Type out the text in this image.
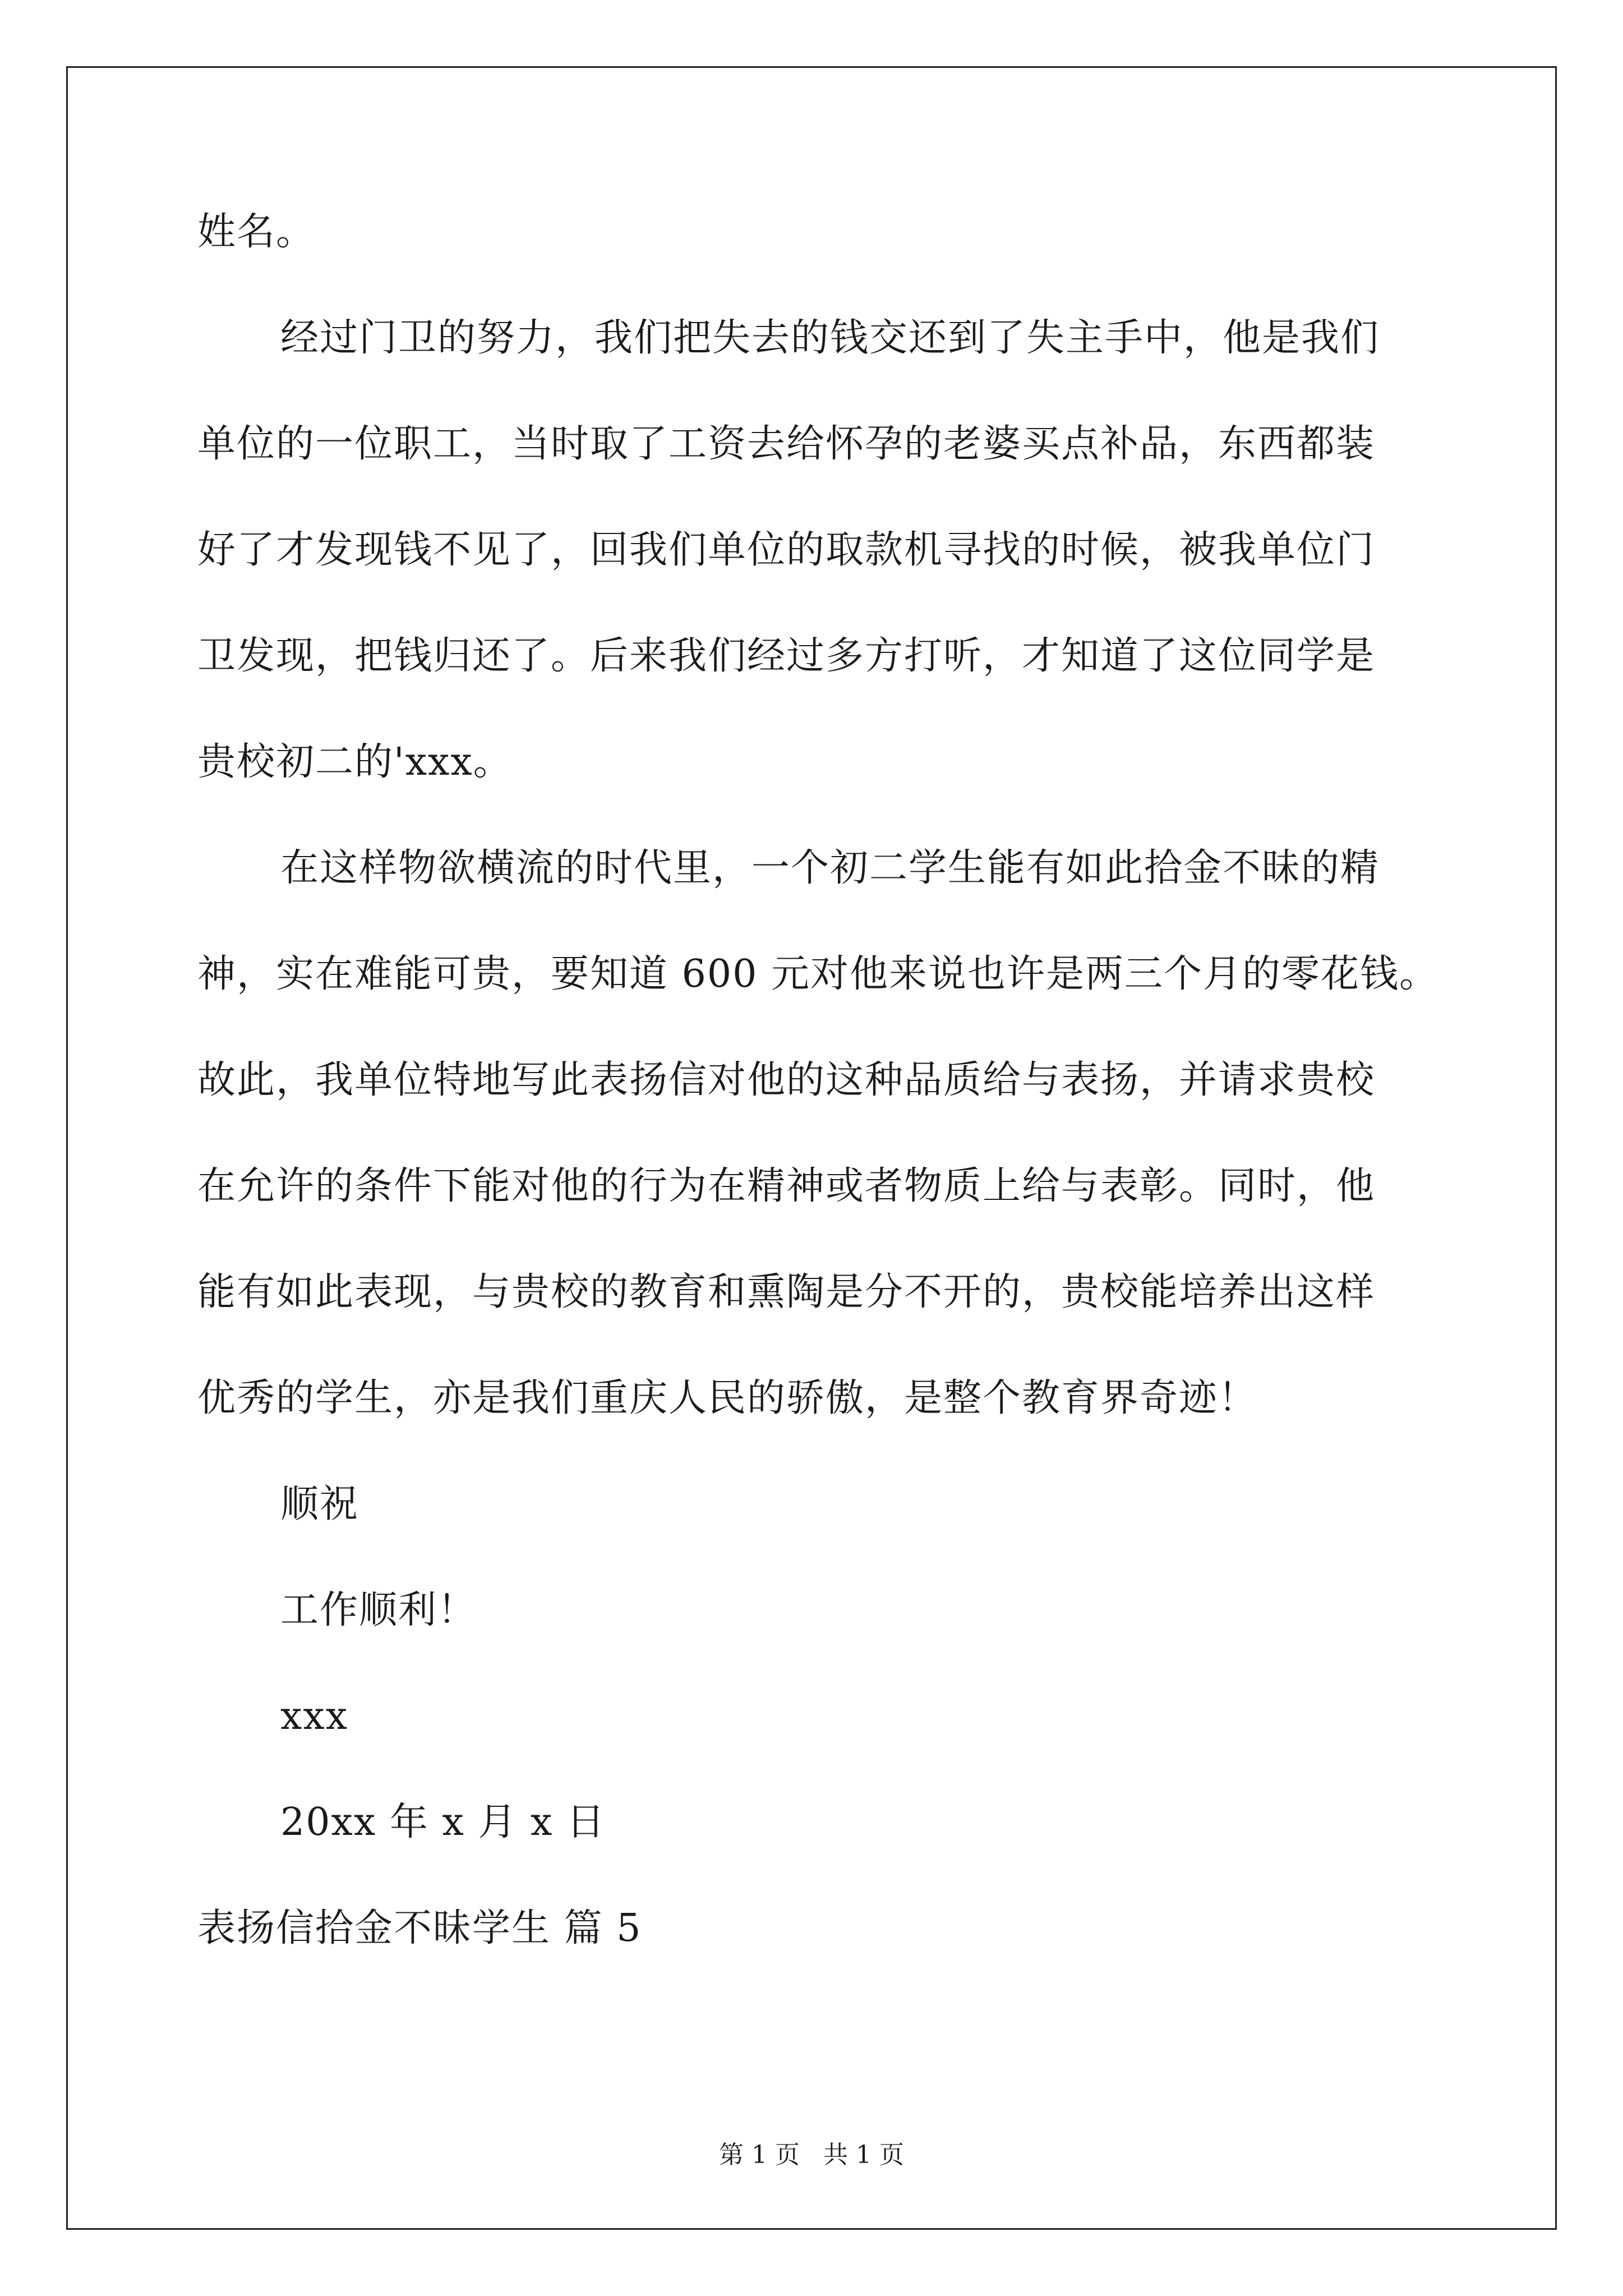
姓名。
经过门卫的努力，我们把失去的钱交还到了失主手中，他是我们
单位的一位职工，当时取了工资去给怀孕的老婆买点补品，东西都装
好了才发现钱不见了，回我们单位的取款机寻找的时候，被我单位门
卫发现，把钱归还了。后来我们经过多方打听，才知道了这位同学是
贵校初二的'xxx。
在这样物欲横流的时代里，一个初二学生能有如此拾金不昧的精
神，实在难能可贵，要知道 600 元对他来说也许是两三个月的零花钱。
故此，我单位特地写此表扬信对他的这种品质给与表扬，并请求贵校
在允许的条件下能对他的行为在精神或者物质上给与表彰。同时，他
能有如此表现，与贵校的教育和熏陶是分不开的，贵校能培养出这样
优秀的学生，亦是我们重庆人民的骄傲，是整个教育界奇迹！
顺祝
工作顺利！
xxx
20xx 年 x 月 x 日
表扬信拾金不昧学生 篇 5
第 1 页   共 1 页
